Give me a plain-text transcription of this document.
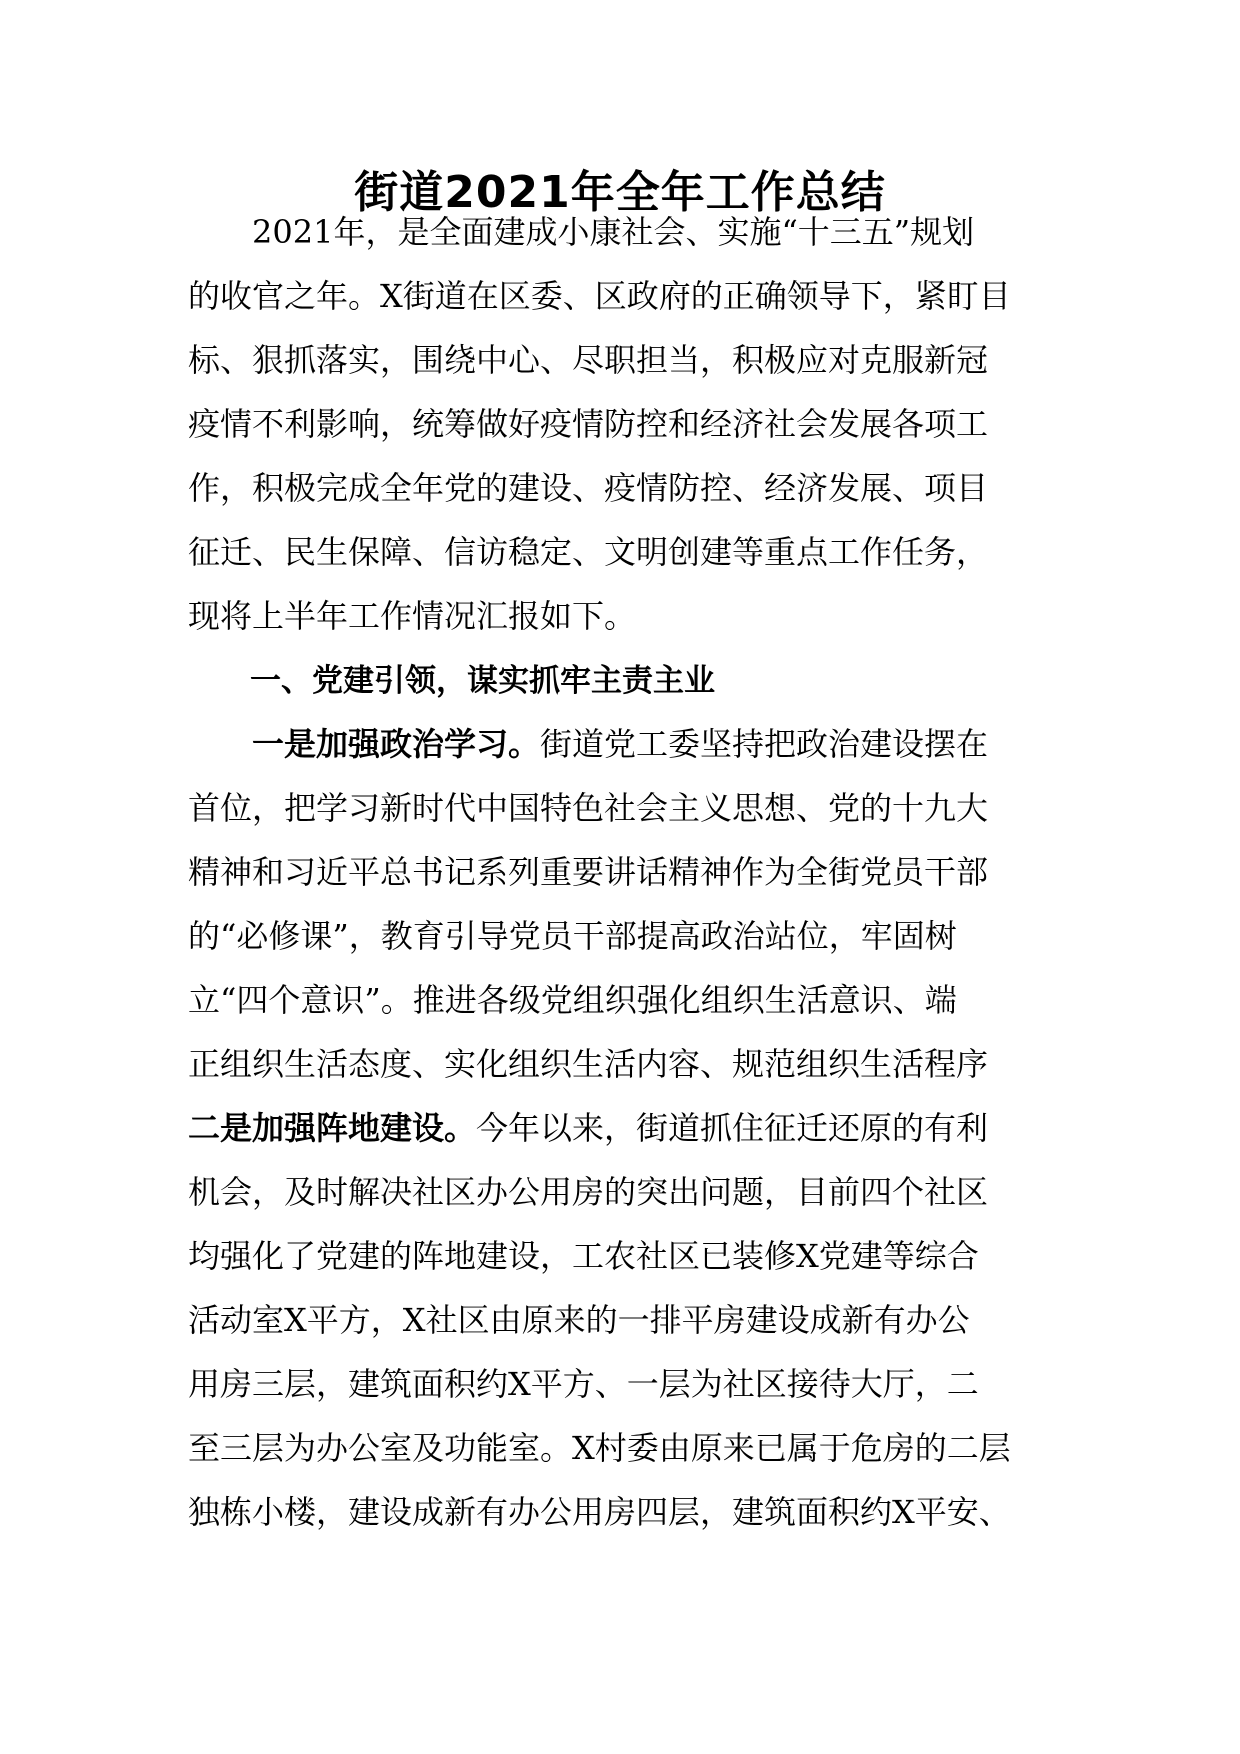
街道2021年全年工作总结
　　2021年，是全面建成小康社会、实施“十三五”规划
的收官之年。X街道在区委、区政府的正确领导下，紧盯目
标、狠抓落实，围绕中心、尽职担当，积极应对克服新冠
疫情不利影响，统筹做好疫情防控和经济社会发展各项工
作，积极完成全年党的建设、疫情防控、经济发展、项目
征迁、民生保障、信访稳定、文明创建等重点工作任务，
现将上半年工作情况汇报如下。
　　一、党建引领，谋实抓牢主责主业
　　一是加强政治学习。街道党工委坚持把政治建设摆在
首位，把学习新时代中国特色社会主义思想、党的十九大
精神和习近平总书记系列重要讲话精神作为全街党员干部
的“必修课”，教育引导党员干部提高政治站位，牢固树
立“四个意识”。推进各级党组织强化组织生活意识、端
正组织生活态度、实化组织生活内容、规范组织生活程序
二是加强阵地建设。今年以来，街道抓住征迁还原的有利
机会，及时解决社区办公用房的突出问题，目前四个社区
均强化了党建的阵地建设，工农社区已装修X党建等综合
活动室X平方，X社区由原来的一排平房建设成新有办公
用房三层，建筑面积约X平方、一层为社区接待大厅，二
至三层为办公室及功能室。X村委由原来已属于危房的二层
独栋小楼，建设成新有办公用房四层，建筑面积约X平安、
